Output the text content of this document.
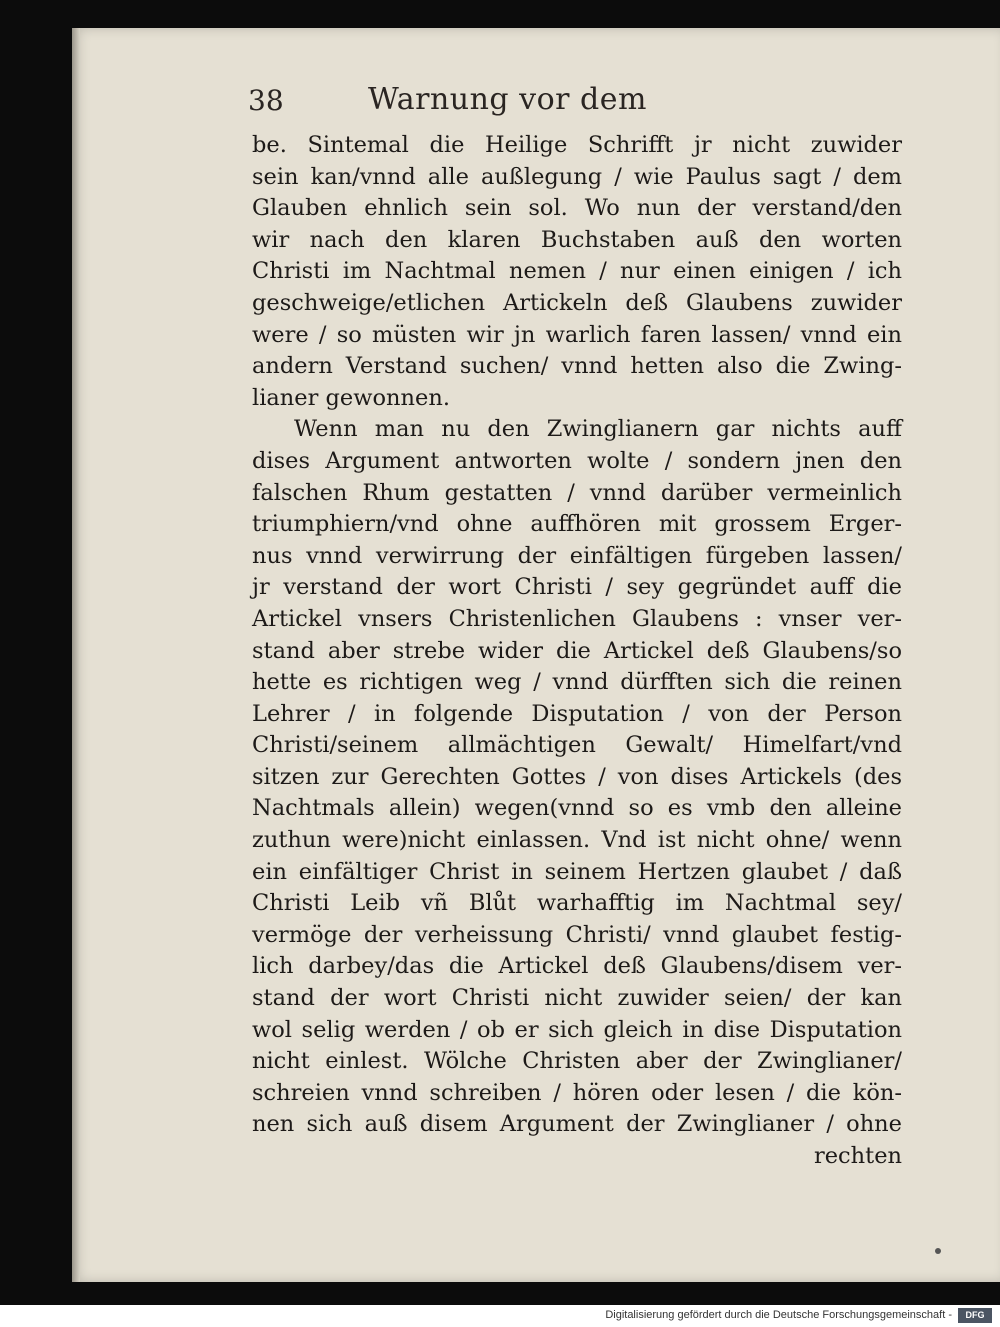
38	Warnung vor dem
be. Sintemal die Heilige Schrifft jr nicht zuwider
sein kan/vnnd alle außlegung / wie Paulus sagt / dem
Glauben ehnlich sein sol. Wo nun der verstand/den
wir nach den klaren Buchstaben auß den worten
Christi im Nachtmal nemen / nur einen einigen / ich
geschweige/etlichen Artickeln deß Glaubens zuwider
were / so müsten wir jn warlich faren lassen/ vnnd ein
andern Verstand suchen/ vnnd hetten also die Zwing-
lianer gewonnen.
Wenn man nu den Zwinglianern gar nichts auff
dises Argument antworten wolte / sondern jnen den
falschen Rhum gestatten / vnnd darüber vermeinlich
triumphiern/vnd ohne auffhören mit grossem Erger-
nus vnnd verwirrung der einfältigen fürgeben lassen/
jr verstand der wort Christi / sey gegründet auff die
Artickel vnsers Christenlichen Glaubens : vnser ver-
stand aber strebe wider die Artickel deß Glaubens/so
hette es richtigen weg / vnnd dürfften sich die reinen
Lehrer / in folgende Disputation / von der Person
Christi/seinem allmächtigen Gewalt/ Himelfart/vnd
sitzen zur Gerechten Gottes / von dises Artickels (des
Nachtmals allein) wegen(vnnd so es vmb den alleine
zuthun were)nicht einlassen. Vnd ist nicht ohne/ wenn
ein einfältiger Christ in seinem Hertzen glaubet / daß
Christi Leib vñ Blůt warhafftig im Nachtmal sey/
vermöge der verheissung Christi/ vnnd glaubet festig-
lich darbey/das die Artickel deß Glaubens/disem ver-
stand der wort Christi nicht zuwider seien/ der kan
wol selig werden / ob er sich gleich in dise Disputation
nicht einlest. Wölche Christen aber der Zwinglianer/
schreien vnnd schreiben / hören oder lesen / die kön-
nen sich auß disem Argument der Zwinglianer / ohne
rechten
Digitalisierung gefördert durch die Deutsche Forschungsgemeinschaft -	DFG
